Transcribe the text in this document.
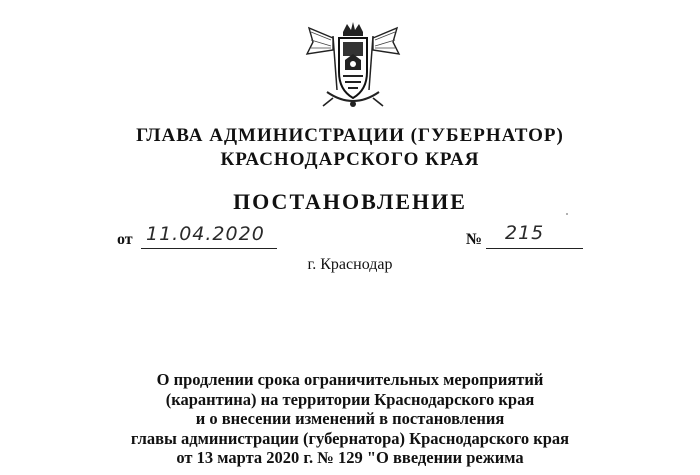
ГЛАВА АДМИНИСТРАЦИИ (ГУБЕРНАТОР)
КРАСНОДАРСКОГО КРАЯ
ПОСТАНОВЛЕНИЕ
от 11.04.2020	№ 215
г. Краснодар
О продлении срока ограничительных мероприятий
(карантина) на территории Краснодарского края
и о внесении изменений в постановления
главы администрации (губернатора) Краснодарского края
от 13 марта 2020 г. № 129 "О введении режима
